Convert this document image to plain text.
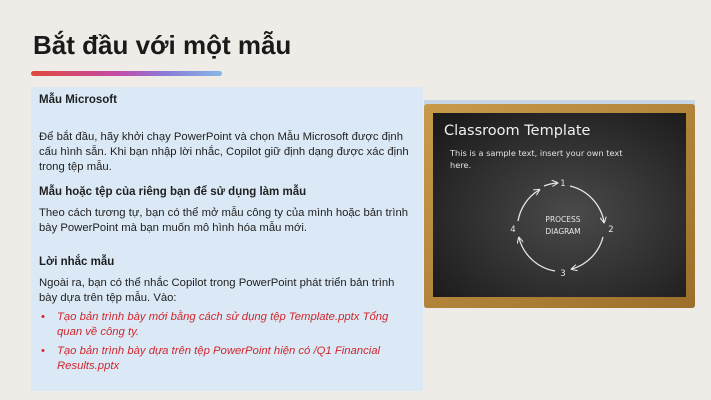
Bắt đầu với một mẫu
Mẫu Microsoft

Để bắt đầu, hãy khởi chạy PowerPoint và chọn Mẫu Microsoft được định cấu hình sẵn. Khi bạn nhập lời nhắc, Copilot giữ định dạng được xác định trong tệp mẫu.

Mẫu hoặc tệp của riêng bạn để sử dụng làm mẫu

Theo cách tương tự, bạn có thể mở mẫu công ty của mình hoặc bản trình bày PowerPoint mà bạn muốn mô hình hóa mẫu mới.

Lời nhắc mẫu

Ngoài ra, bạn có thể nhắc Copilot trong PowerPoint phát triển bản trình bày dựa trên tệp mẫu. Vào:

• Tạo bản trình bày mới bằng cách sử dụng tệp Template.pptx Tổng quan về công ty.
• Tạo bản trình bày dựa trên tệp PowerPoint hiện có /Q1 Financial Results.pptx
Classroom Template
This is a sample text, insert your own text
here.
1
2
3
4
PROCESS
DIAGRAM
